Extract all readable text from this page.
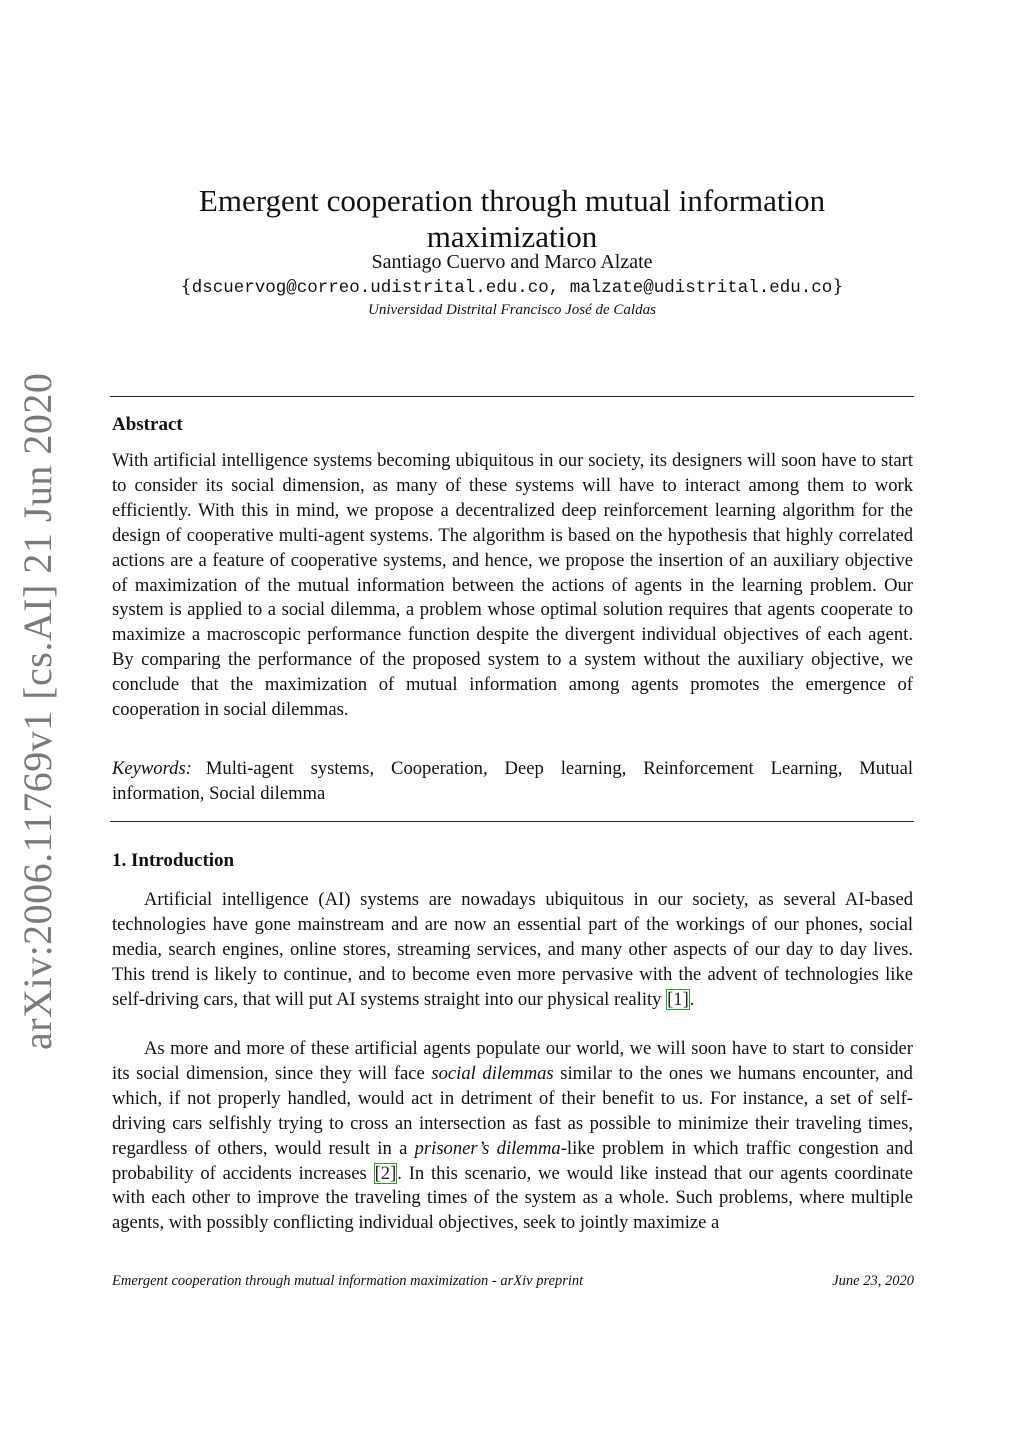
arXiv:2006.11769v1 [cs.AI] 21 Jun 2020
Emergent cooperation through mutual information maximization
Santiago Cuervo and Marco Alzate
{dscuervog@correo.udistrital.edu.co, malzate@udistrital.edu.co}
Universidad Distrital Francisco José de Caldas
Abstract

With artificial intelligence systems becoming ubiquitous in our society, its designers will soon have to start to consider its social dimension, as many of these systems will have to interact among them to work efficiently. With this in mind, we propose a decentralized deep reinforcement learning algorithm for the design of cooperative multi-agent systems. The algorithm is based on the hypothesis that highly correlated actions are a feature of cooperative systems, and hence, we propose the insertion of an auxiliary objective of maximization of the mutual information between the actions of agents in the learning problem. Our system is applied to a social dilemma, a problem whose optimal solution requires that agents cooperate to maximize a macroscopic performance function despite the divergent individual objectives of each agent. By comparing the performance of the proposed system to a system without the auxiliary objective, we conclude that the maximization of mutual information among agents promotes the emergence of cooperation in social dilemmas.

Keywords: Multi-agent systems, Cooperation, Deep learning, Reinforcement Learning, Mutual information, Social dilemma

1. Introduction

Artificial intelligence (AI) systems are nowadays ubiquitous in our society, as several AI-based technologies have gone mainstream and are now an essential part of the workings of our phones, social media, search engines, online stores, streaming services, and many other aspects of our day to day lives. This trend is likely to continue, and to become even more pervasive with the advent of technologies like self-driving cars, that will put AI systems straight into our physical reality [1].

As more and more of these artificial agents populate our world, we will soon have to start to consider its social dimension, since they will face social dilemmas similar to the ones we humans encounter, and which, if not properly handled, would act in detriment of their benefit to us. For instance, a set of self-driving cars selfishly trying to cross an intersection as fast as possible to minimize their traveling times, regardless of others, would result in a prisoner’s dilemma-like problem in which traffic congestion and probability of accidents increases [2]. In this scenario, we would like instead that our agents coordinate with each other to improve the traveling times of the system as a whole. Such problems, where multiple agents, with possibly conflicting individual objectives, seek to jointly maximize a

Emergent cooperation through mutual information maximization - arXiv preprint	June 23, 2020
